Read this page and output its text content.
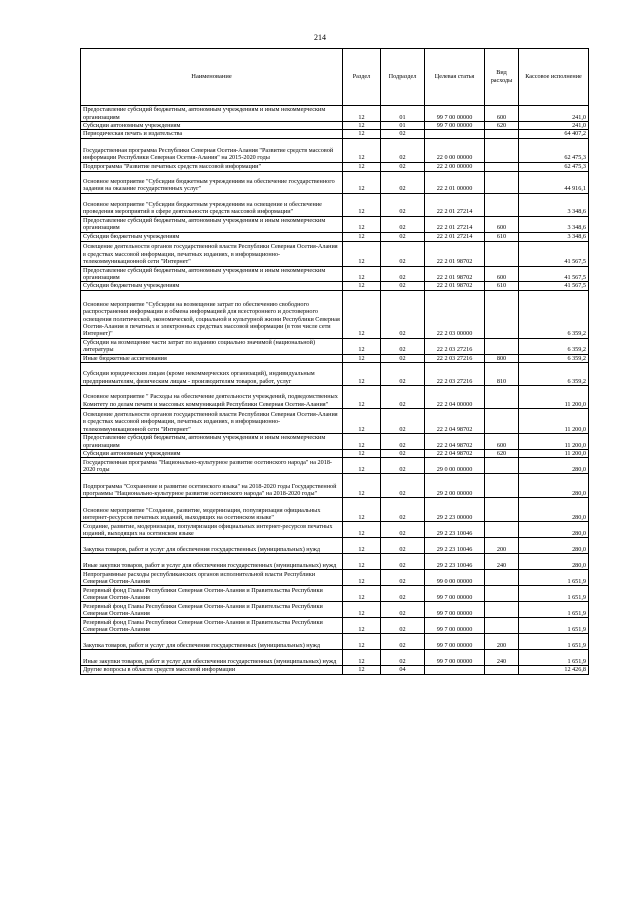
214
Наименование	Раздел	Подраздел	Целевая статья	Вид расходы	Кассовое исполнение
Предоставление субсидий бюджетным, автономным учреждениям и иным некоммерческим организациям	12	01	99 7 00 00000	600	241,0
Субсидии автономным учреждениям	12	01	99 7 00 00000	620	241,0
Периодическая печать и издательства	12	02			64 407,2
Государственная программа Республики Северная Осетия-Алания "Развитие средств массовой информации Республики Северная Осетия-Алания" на 2015-2020 годы	12	02	22 0 00 00000		62 475,3
Подпрограмма "Развитие печатных средств массовой информации"	12	02	22 2 00 00000		62 475,3
Основное мероприятие "Субсидии бюджетным учреждениям на обеспечение государственного задания на оказание государственных услуг"	12	02	22 2 01 00000		44 916,1
Основное мероприятие "Субсидии бюджетным учреждениям на освещение и обеспечение проведения мероприятий в сфере деятельности средств массовой информации"	12	02	22 2 01 27214		3 348,6
Предоставление субсидий бюджетным, автономным учреждениям и иным некоммерческим организациям	12	02	22 2 01 27214	600	3 348,6
Субсидии бюджетным учреждениям	12	02	22 2 01 27214	610	3 348,6
Освещение деятельности органов государственной власти Республики Северная Осетия-Алания в средствах массовой информации, печатных изданиях, в информационно-телекоммуникационной сети "Интернет"	12	02	22 2 01 98702		41 567,5
Предоставление субсидий бюджетным, автономным учреждениям и иным некоммерческим организациям	12	02	22 2 01 98702	600	41 567,5
Субсидии бюджетным учреждениям	12	02	22 2 01 98702	610	41 567,5
Основное мероприятие "Субсидии на возмещение затрат по обеспечению свободного распространения информации и обмена информацией для всестороннего и достоверного освещения политической, экономической, социальной и культурной жизни Республики Северная Осетия-Алания в печатных и электронных средствах массовой информации (в том числе сети Интернет)"	12	02	22 2 03 00000		6 359,2
Субсидии на возмещение части затрат по изданию социально значимой (национальной) литературы	12	02	22 2 03 27216		6 359,2
Иные бюджетные ассигнования	12	02	22 2 03 27216	800	6 359,2
Субсидии юридическим лицам (кроме некоммерческих организаций), индивидуальным предпринимателям, физическим лицам - производителям товаров, работ, услуг	12	02	22 2 03 27216	810	6 359,2
Основное мероприятие " Расходы на обеспечение деятельности учреждений, подведомственных Комитету по делам печати и массовых коммуникаций Республики Северная Осетия-Алания"	12	02	22 2 04 00000		11 200,0
Освещение деятельности органов государственной власти Республики Северная Осетия-Алания в средствах массовой информации, печатных изданиях, в информационно-телекоммуникационной сети "Интернет"	12	02	22 2 04 98702		11 200,0
Предоставление субсидий бюджетным, автономным учреждениям и иным некоммерческим организациям	12	02	22 2 04 98702	600	11 200,0
Субсидии автономным учреждениям	12	02	22 2 04 98702	620	11 200,0
Государственная программа "Национально-культурное развитие осетинского народа" на 2018-2020 годы	12	02	29 0 00 00000		280,0
Подпрограмма "Сохранение и развитие осетинского языка" на 2018-2020 годы Государственной программы "Национально-культурное развитие осетинского народа" на 2018-2020 годы"	12	02	29 2 00 00000		280,0
Основное мероприятие "Создание, развитие, модернизация, популяризация официальных интернет-ресурсов печатных изданий, выходящих на осетинском языке"	12	02	29 2 23 00000		280,0
Создание, развитие, модернизация, популяризация официальных интернет-ресурсов печатных изданий, выходящих на осетинском языке	12	02	29 2 23 10046		280,0
Закупка товаров, работ и услуг для обеспечения государственных (муниципальных) нужд	12	02	29 2 23 10046	200	280,0
Иные закупки товаров, работ и услуг для обеспечения государственных (муниципальных) нужд	12	02	29 2 23 10046	240	280,0
Непрограммные расходы республиканских органов исполнительной власти Республики Северная Осетия-Алания	12	02	99 0 00 00000		1 651,9
Резервный фонд Главы Республики Северная Осетия-Алания и Правительства Республики Северная Осетия-Алания	12	02	99 7 00 00000		1 651,9
Резервный фонд Главы Республики Северная Осетия-Алания и Правительства Республики Северная Осетия-Алания	12	02	99 7 00 00000		1 651,9
Резервный фонд Главы Республики Северная Осетия-Алания и Правительства Республики Северная Осетия-Алания	12	02	99 7 00 00000		1 651,9
Закупка товаров, работ и услуг для обеспечения государственных (муниципальных) нужд	12	02	99 7 00 00000	200	1 651,9
Иные закупки товаров, работ и услуг для обеспечения государственных (муниципальных) нужд	12	02	99 7 00 00000	240	1 651,9
Другие вопросы в области средств массовой информации	12	04			12 426,8
